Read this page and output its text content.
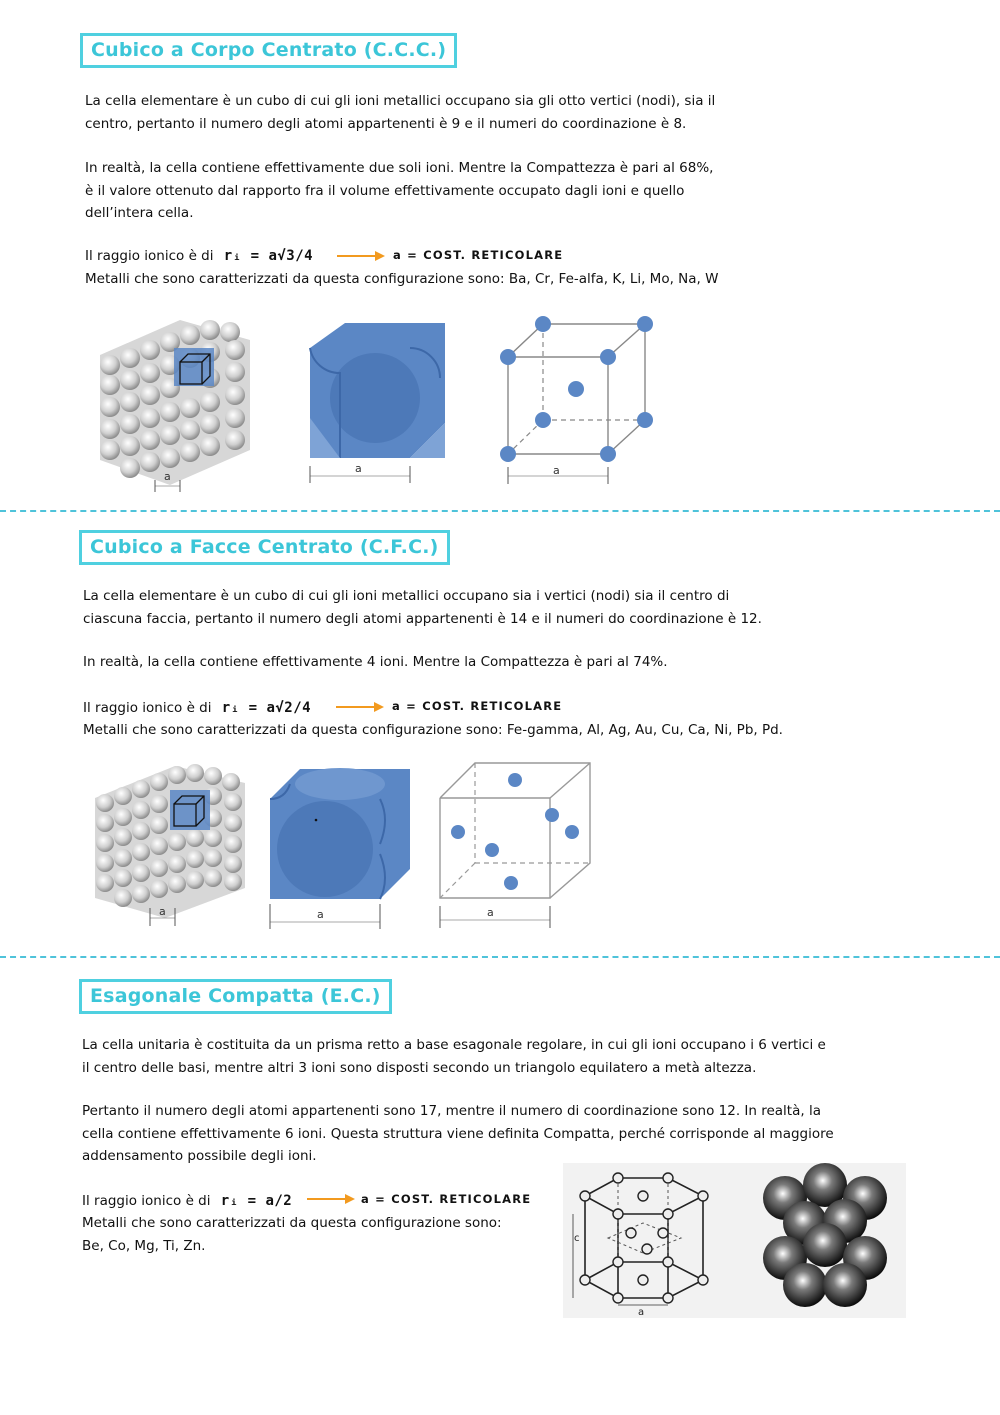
Cubico a Corpo Centrato (C.C.C.)
La cella elementare è un cubo di cui gli ioni metallici occupano sia gli otto vertici (nodi), sia il
centro, pertanto il numero degli atomi appartenenti è 9 e il numeri do coordinazione è 8.
In realtà, la cella contiene effettivamente due soli ioni. Mentre la Compattezza è pari al 68%,
è il valore ottenuto dal rapporto fra il volume effettivamente occupato dagli ioni e quello
dell’intera cella.
Il raggio ionico è di rᵢ = a√3/4	a = COST. RETICOLARE
Metalli che sono caratterizzati da questa configurazione sono: Ba, Cr, Fe-alfa, K, Li, Mo, Na, W
a
a	a
Cubico a Facce Centrato (C.F.C.)
La cella elementare è un cubo di cui gli ioni metallici occupano sia i vertici (nodi) sia il centro di
ciascuna faccia, pertanto il numero degli atomi appartenenti è 14 e il numeri do coordinazione è 12.
In realtà, la cella contiene effettivamente 4 ioni. Mentre la Compattezza è pari al 74%.
Il raggio ionico è di rᵢ = a√2/4	a = COST. RETICOLARE
Metalli che sono caratterizzati da questa configurazione sono: Fe-gamma, Al, Ag, Au, Cu, Ca, Ni, Pb, Pd.
a	a	a
Esagonale Compatta (E.C.)
La cella unitaria è costituita da un prisma retto a base esagonale regolare, in cui gli ioni occupano i 6 vertici e
il centro delle basi, mentre altri 3 ioni sono disposti secondo un triangolo equilatero a metà altezza.
Pertanto il numero degli atomi appartenenti sono 17, mentre il numero di coordinazione sono 12. In realtà, la
cella contiene effettivamente 6 ioni. Questa struttura viene definita Compatta, perché corrisponde al maggiore
addensamento possibile degli ioni.
Il raggio ionico è di rᵢ = a/2	a = COST. RETICOLARE
Metalli che sono caratterizzati da questa configurazione sono:
Be, Co, Mg, Ti, Zn.	c
a
